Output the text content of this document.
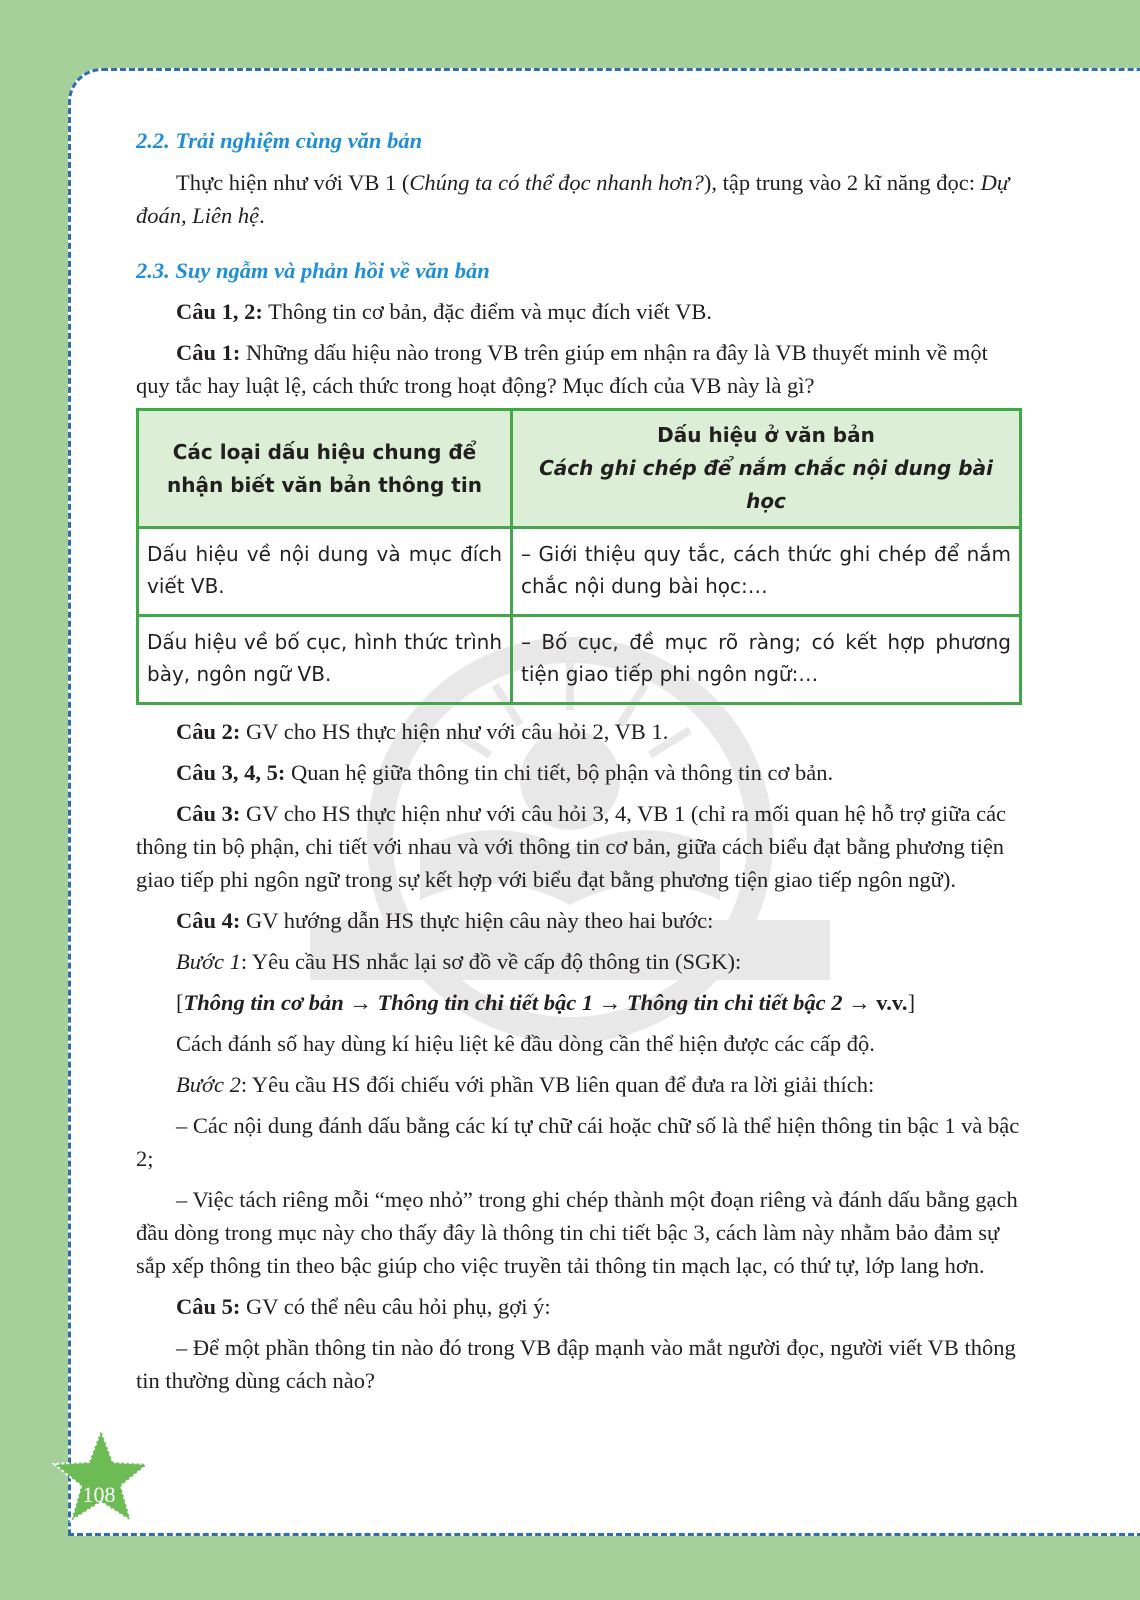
2.2. Trải nghiệm cùng văn bản

Thực hiện như với VB 1 (Chúng ta có thể đọc nhanh hơn?), tập trung vào 2 kĩ năng đọc: Dự đoán, Liên hệ.

2.3. Suy ngẫm và phản hồi về văn bản

Câu 1, 2: Thông tin cơ bản, đặc điểm và mục đích viết VB.

Câu 1: Những dấu hiệu nào trong VB trên giúp em nhận ra đây là VB thuyết minh về một quy tắc hay luật lệ, cách thức trong hoạt động? Mục đích của VB này là gì?

Các loại dấu hiệu chung để nhận biết văn bản thông tin	Dấu hiệu ở văn bản
Cách ghi chép để nắm chắc nội dung bài học
Dấu hiệu về nội dung và mục đích viết VB.	– Giới thiệu quy tắc, cách thức ghi chép để nắm chắc nội dung bài học:…
Dấu hiệu về bố cục, hình thức trình bày, ngôn ngữ VB.	– Bố cục, đề mục rõ ràng; có kết hợp phương tiện giao tiếp phi ngôn ngữ:…

Câu 2: GV cho HS thực hiện như với câu hỏi 2, VB 1.

Câu 3, 4, 5: Quan hệ giữa thông tin chi tiết, bộ phận và thông tin cơ bản.

Câu 3: GV cho HS thực hiện như với câu hỏi 3, 4, VB 1 (chỉ ra mối quan hệ hỗ trợ giữa các thông tin bộ phận, chi tiết với nhau và với thông tin cơ bản, giữa cách biểu đạt bằng phương tiện giao tiếp phi ngôn ngữ trong sự kết hợp với biểu đạt bằng phương tiện giao tiếp ngôn ngữ).

Câu 4: GV hướng dẫn HS thực hiện câu này theo hai bước:

Bước 1: Yêu cầu HS nhắc lại sơ đồ về cấp độ thông tin (SGK):

[Thông tin cơ bản → Thông tin chi tiết bậc 1 → Thông tin chi tiết bậc 2 → v.v.]

Cách đánh số hay dùng kí hiệu liệt kê đầu dòng cần thể hiện được các cấp độ.

Bước 2: Yêu cầu HS đối chiếu với phần VB liên quan để đưa ra lời giải thích:

– Các nội dung đánh dấu bằng các kí tự chữ cái hoặc chữ số là thể hiện thông tin bậc 1 và bậc 2;

– Việc tách riêng mỗi “mẹo nhỏ” trong ghi chép thành một đoạn riêng và đánh dấu bằng gạch đầu dòng trong mục này cho thấy đây là thông tin chi tiết bậc 3, cách làm này nhằm bảo đảm sự sắp xếp thông tin theo bậc giúp cho việc truyền tải thông tin mạch lạc, có thứ tự, lớp lang hơn.

Câu 5: GV có thể nêu câu hỏi phụ, gợi ý:

– Để một phần thông tin nào đó trong VB đập mạnh vào mắt người đọc, người viết VB thông tin thường dùng cách nào?

108
